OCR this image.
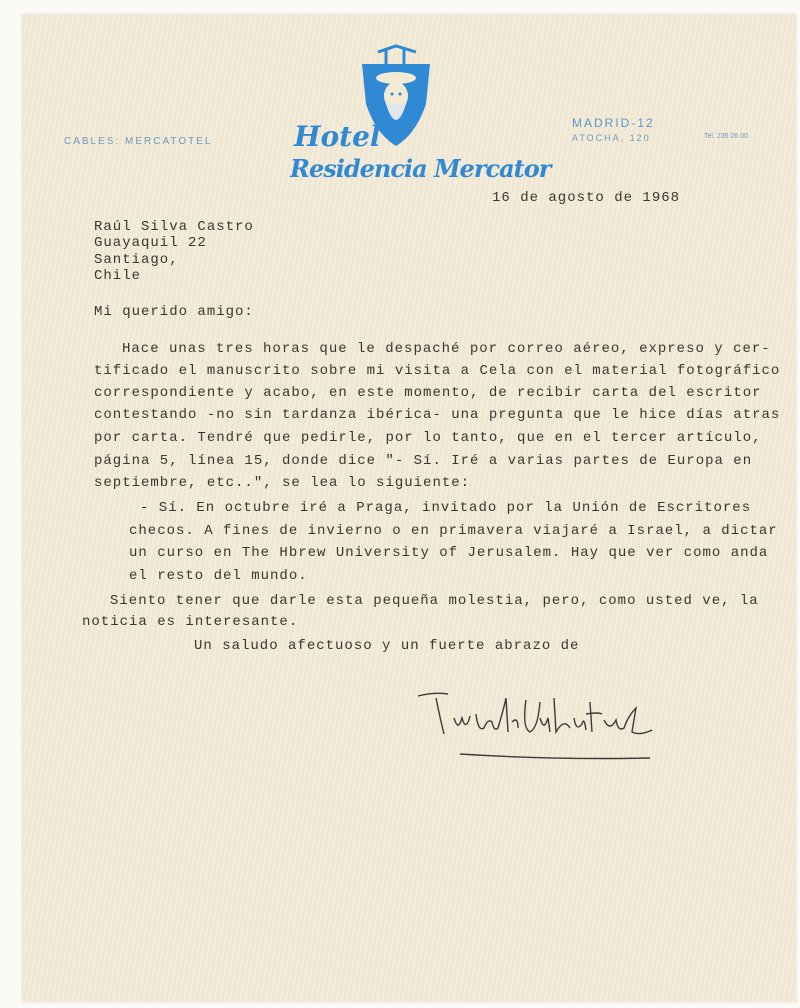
CABLES: MERCATOTEL	Hotel
Residencia Mercator
MADRID-12
ATOCHA, 120	Tel. 235 26 00
16 de agosto de 1968
Raúl Silva Castro
Guayaquil 22
Santiago,
Chile
Mi querido amigo:
Hace unas tres horas que le despaché por correo aéreo, expreso y cer-
tificado el manuscrito sobre mi visita a Cela con el material fotográfico
correspondiente y acabo, en este momento, de recibir carta del escritor
contestando -no sin tardanza ibérica- una pregunta que le hice días atras
por carta. Tendré que pedirle, por lo tanto, que en el tercer artículo,
página 5, línea 15, donde dice "- Sí. Iré a varias partes de Europa en
septiembre, etc..", se lea lo siguiente:
- Sí. En octubre iré a Praga, invitado por la Unión de Escritores
checos. A fines de invierno o en primavera viajaré a Israel, a dictar
un curso en The Hbrew University of Jerusalem. Hay que ver como anda
el resto del mundo.
Siento tener que darle esta pequeña molestia, pero, como usted ve, la
noticia es interesante.
Un saludo afectuoso y un fuerte abrazo de
